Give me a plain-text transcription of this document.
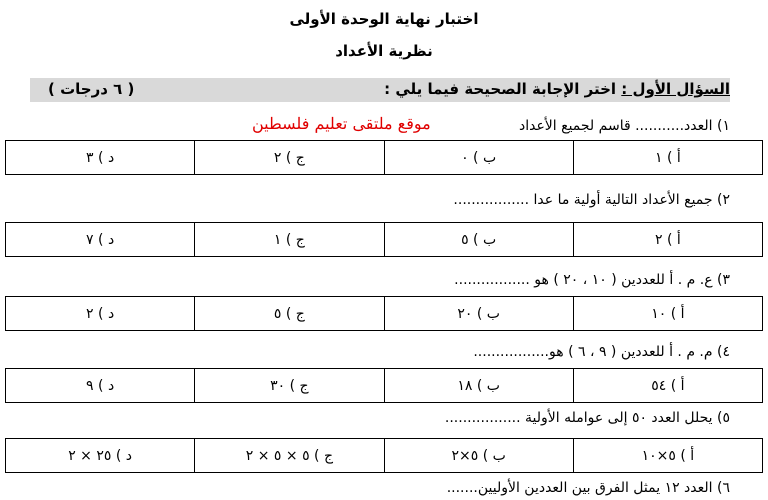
اختبار نهاية الوحدة الأولى
نظرية الأعداد
السؤال الأول : اختر الإجابة الصحيحة فيما يلي :
( ٦ درجات )
موقع ملتقى تعليم فلسطين	١) العدد........... قاسم لجميع الأعداد
أ ) ١	ب ) ٠	ج ) ٢	د ) ٣
٢) جميع الأعداد التالية أولية ما عدا .................
أ ) ٢	ب ) ٥	ج ) ١	د ) ٧
٣) ع. م . أ للعددين ( ١٠ ، ٢٠ ) هو .................
أ ) ١٠	ب ) ٢٠	ج ) ٥	د ) ٢
٤) م. م . أ للعددين ( ٩ ، ٦ ) هو.................
أ ) ٥٤	ب ) ١٨	ج ) ٣٠	د ) ٩
٥) يحلل العدد ٥٠ إلى عوامله الأولية .................
أ ) ٥×١٠	ب ) ٥×٢	ج ) ٥ × ٥ × ٢	د ) ٢٥ × ٢
٦) العدد ١٢ يمثل الفرق بين العددين الأوليين.......
